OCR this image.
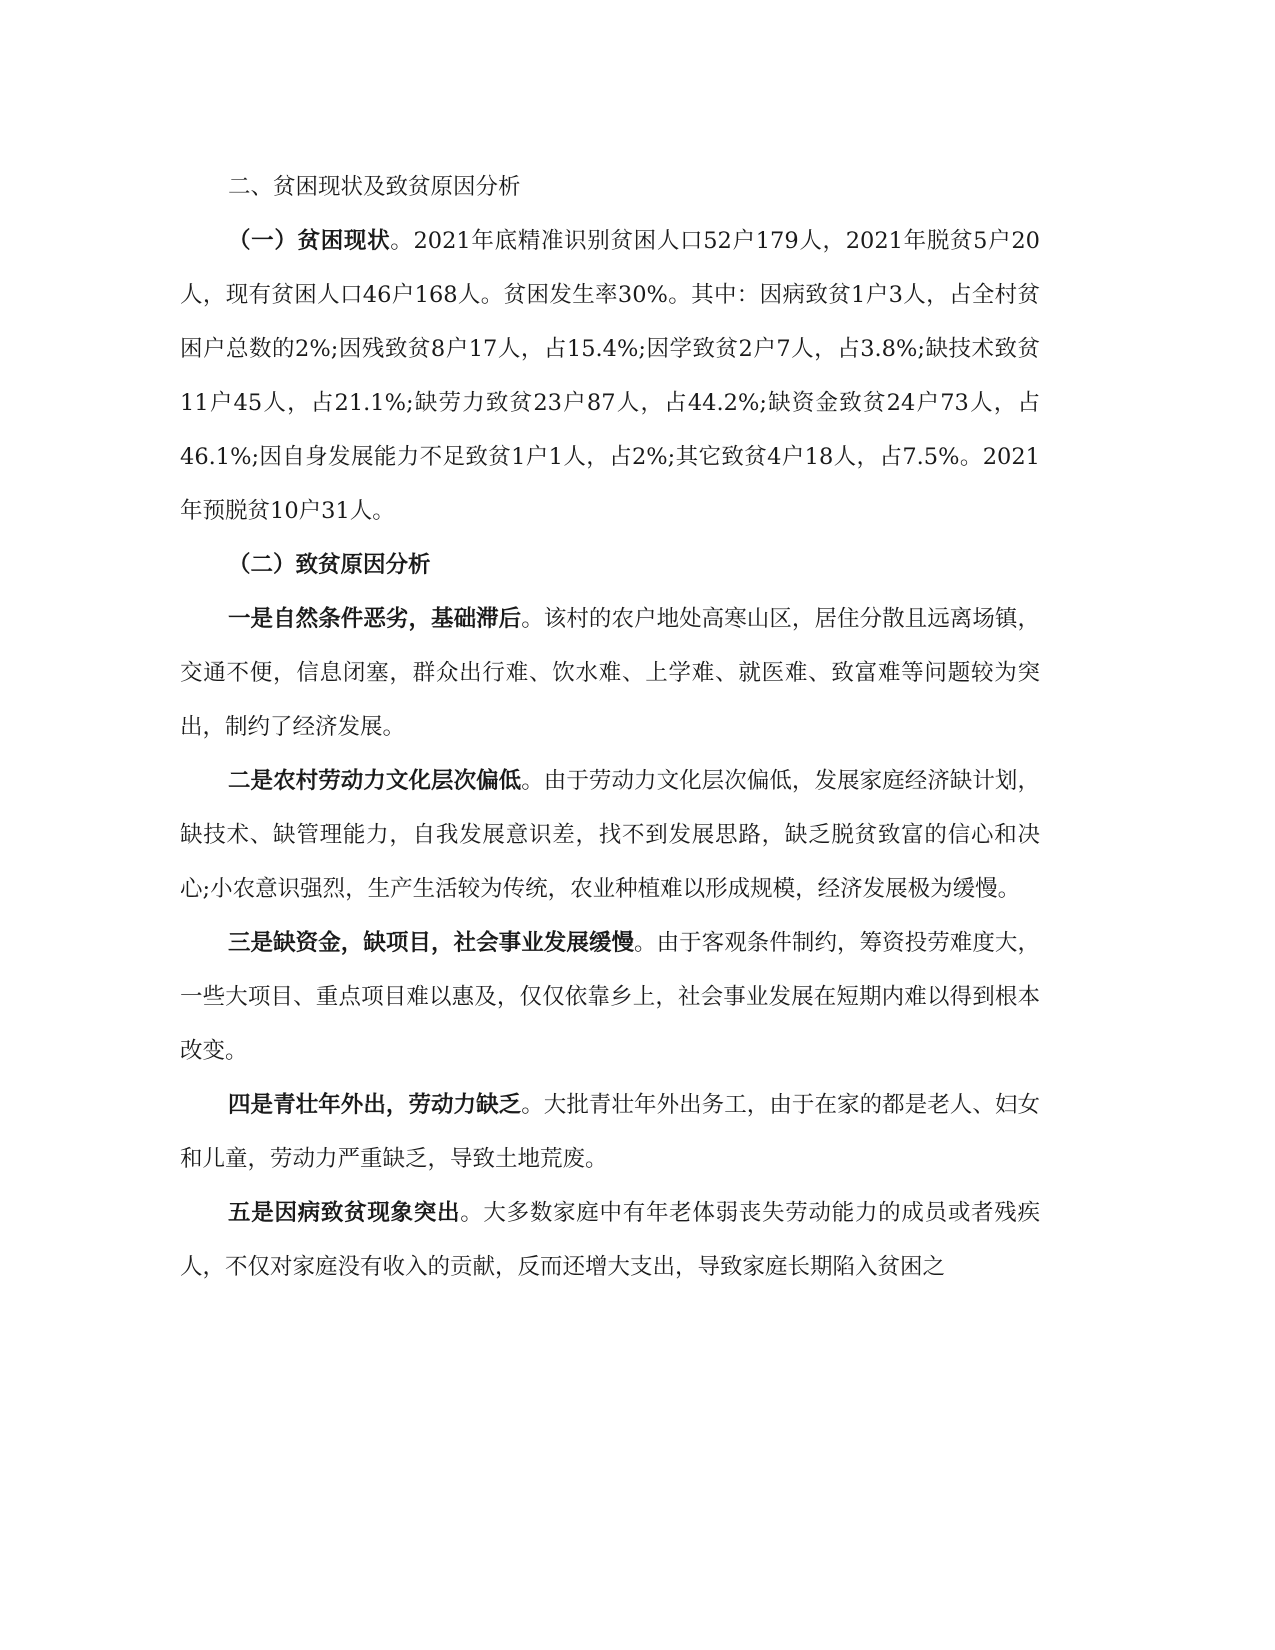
二、贫困现状及致贫原因分析

（一）贫困现状。2021年底精准识别贫困人口52户179人，2021年脱贫5户20人，现有贫困人口46户168人。贫困发生率30%。其中：因病致贫1户3人，占全村贫困户总数的2%;因残致贫8户17人，占15.4%;因学致贫2户7人，占3.8%;缺技术致贫11户45人，占21.1%;缺劳力致贫23户87人，占44.2%;缺资金致贫24户73人，占46.1%;因自身发展能力不足致贫1户1人，占2%;其它致贫4户18人，占7.5%。2021年预脱贫10户31人。

（二）致贫原因分析

一是自然条件恶劣，基础滞后。该村的农户地处高寒山区，居住分散且远离场镇，交通不便，信息闭塞，群众出行难、饮水难、上学难、就医难、致富难等问题较为突出，制约了经济发展。

二是农村劳动力文化层次偏低。由于劳动力文化层次偏低，发展家庭经济缺计划，缺技术、缺管理能力，自我发展意识差，找不到发展思路，缺乏脱贫致富的信心和决心;小农意识强烈，生产生活较为传统，农业种植难以形成规模，经济发展极为缓慢。

三是缺资金，缺项目，社会事业发展缓慢。由于客观条件制约，筹资投劳难度大，一些大项目、重点项目难以惠及，仅仅依靠乡上，社会事业发展在短期内难以得到根本改变。

四是青壮年外出，劳动力缺乏。大批青壮年外出务工，由于在家的都是老人、妇女和儿童，劳动力严重缺乏，导致土地荒废。

五是因病致贫现象突出。大多数家庭中有年老体弱丧失劳动能力的成员或者残疾人，不仅对家庭没有收入的贡献，反而还增大支出，导致家庭长期陷入贫困之
